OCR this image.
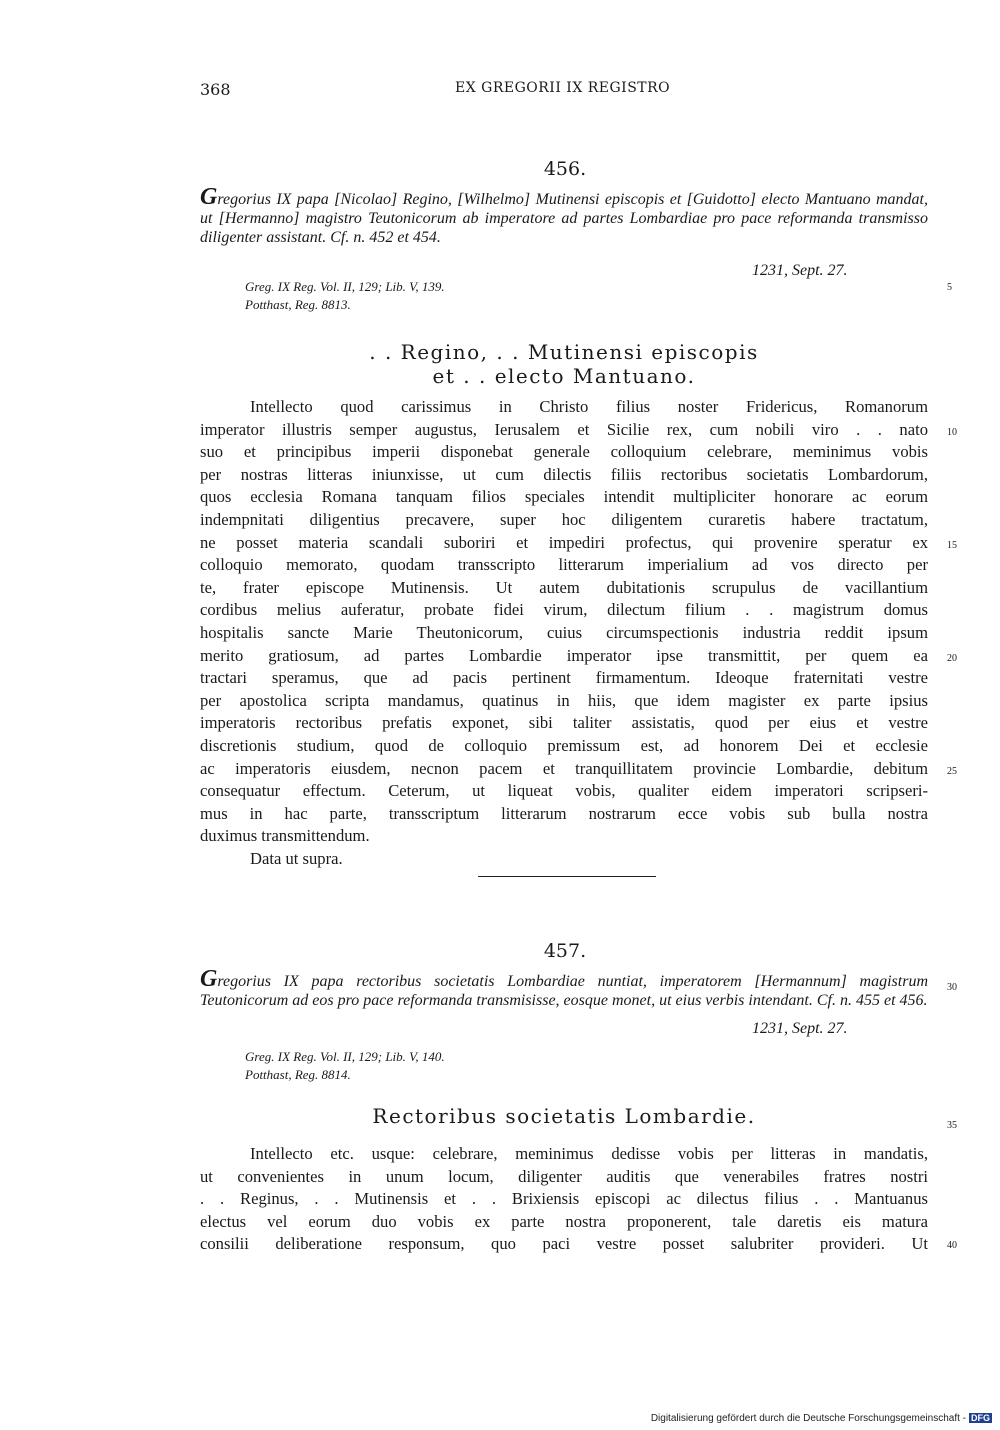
368	EX GREGORII IX REGISTRO
456.
Gregorius IX papa [Nicolao] Regino, [Wilhelmo] Mutinensi episcopis et [Guidotto] electo Mantuano mandat, ut [Hermanno] magistro Teutonicorum ab imperatore ad partes Lombardiae pro pace reformanda transmisso diligenter assistant. Cf. n. 452 et 454.
1231, Sept. 27.
Greg. IX Reg. Vol. II, 129; Lib. V, 139.
Potthast, Reg. 8813.
. . Regino, . . Mutinensi episcopis
et . . electo Mantuano.
Intellecto quod carissimus in Christo filius noster Fridericus, Romanorum
imperator illustris semper augustus, Ierusalem et Sicilie rex, cum nobili viro . . nato
suo et principibus imperii disponebat generale colloquium celebrare, meminimus vobis
per nostras litteras iniunxisse, ut cum dilectis filiis rectoribus societatis Lombardorum,
quos ecclesia Romana tanquam filios speciales intendit multipliciter honorare ac eorum
indempnitati diligentius precavere, super hoc diligentem curaretis habere tractatum,
ne posset materia scandali suboriri et impediri profectus, qui provenire speratur ex
colloquio memorato, quodam transscripto litterarum imperialium ad vos directo per
te, frater episcope Mutinensis. Ut autem dubitationis scrupulus de vacillantium
cordibus melius auferatur, probate fidei virum, dilectum filium . . magistrum domus
hospitalis sancte Marie Theutonicorum, cuius circumspectionis industria reddit ipsum
merito gratiosum, ad partes Lombardie imperator ipse transmittit, per quem ea
tractari speramus, que ad pacis pertinent firmamentum. Ideoque fraternitati vestre
per apostolica scripta mandamus, quatinus in hiis, que idem magister ex parte ipsius
imperatoris rectoribus prefatis exponet, sibi taliter assistatis, quod per eius et vestre
discretionis studium, quod de colloquio premissum est, ad honorem Dei et ecclesie
ac imperatoris eiusdem, necnon pacem et tranquillitatem provincie Lombardie, debitum
consequatur effectum. Ceterum, ut liqueat vobis, qualiter eidem imperatori scripseri-
mus in hac parte, transscriptum litterarum nostrarum ecce vobis sub bulla nostra
duximus transmittendum.
Data ut supra.
457.
Gregorius IX papa rectoribus societatis Lombardiae nuntiat, imperatorem [Hermannum] magistrum Teutonicorum ad eos pro pace reformanda transmisisse, eosque monet, ut eius verbis intendant. Cf. n. 455 et 456.
1231, Sept. 27.
Greg. IX Reg. Vol. II, 129; Lib. V, 140.
Potthast, Reg. 8814.
Rectoribus societatis Lombardie.
Intellecto etc. usque: celebrare, meminimus dedisse vobis per litteras in mandatis,
ut convenientes in unum locum, diligenter auditis que venerabiles fratres nostri
. . Reginus, . . Mutinensis et . . Brixiensis episcopi ac dilectus filius . . Mantuanus
electus vel eorum duo vobis ex parte nostra proponerent, tale daretis eis matura
consilii deliberatione responsum, quo paci vestre posset salubriter provideri. Ut
5
10
15
20
25
30
35
40
Digitalisierung gefördert durch die Deutsche Forschungsgemeinschaft - DFG
